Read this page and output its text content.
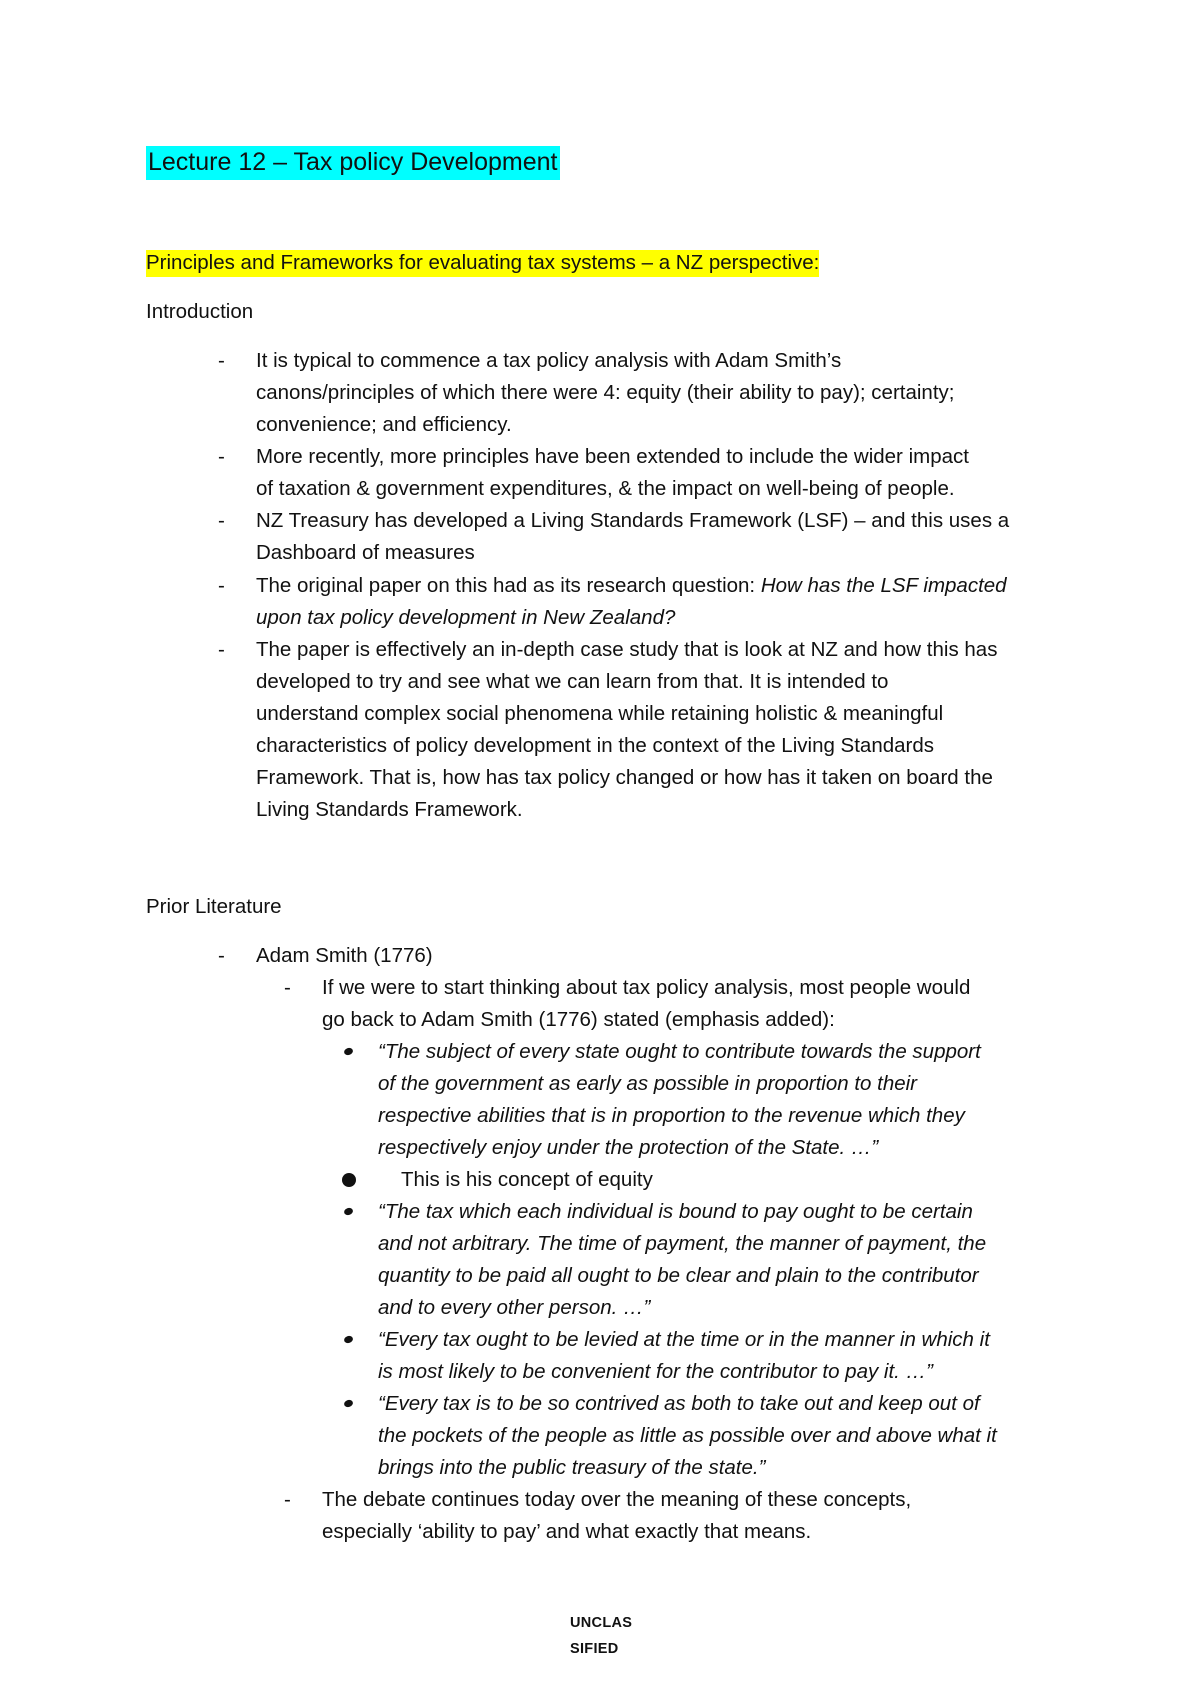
Lecture 12 – Tax policy Development
Principles and Frameworks for evaluating tax systems – a NZ perspective:
Introduction
- It is typical to commence a tax policy analysis with Adam Smith’s
canons/principles of which there were 4: equity (their ability to pay); certainty;
convenience; and efficiency.
- More recently, more principles have been extended to include the wider impact
of taxation & government expenditures, & the impact on well-being of people.
- NZ Treasury has developed a Living Standards Framework (LSF) – and this uses a
Dashboard of measures
- The original paper on this had as its research question: How has the LSF impacted
upon tax policy development in New Zealand?
- The paper is effectively an in-depth case study that is look at NZ and how this has
developed to try and see what we can learn from that. It is intended to
understand complex social phenomena while retaining holistic & meaningful
characteristics of policy development in the context of the Living Standards
Framework. That is, how has tax policy changed or how has it taken on board the
Living Standards Framework.
Prior Literature
- Adam Smith (1776)
- If we were to start thinking about tax policy analysis, most people would
go back to Adam Smith (1776) stated (emphasis added):
“The subject of every state ought to contribute towards the support
of the government as early as possible in proportion to their
respective abilities that is in proportion to the revenue which they
respectively enjoy under the protection of the State. …”
This is his concept of equity
“The tax which each individual is bound to pay ought to be certain
and not arbitrary. The time of payment, the manner of payment, the
quantity to be paid all ought to be clear and plain to the contributor
and to every other person. …”
“Every tax ought to be levied at the time or in the manner in which it
is most likely to be convenient for the contributor to pay it. …”
“Every tax is to be so contrived as both to take out and keep out of
the pockets of the people as little as possible over and above what it
brings into the public treasury of the state.”
- The debate continues today over the meaning of these concepts,
especially ‘ability to pay’ and what exactly that means.
UNCLAS
SIFIED
